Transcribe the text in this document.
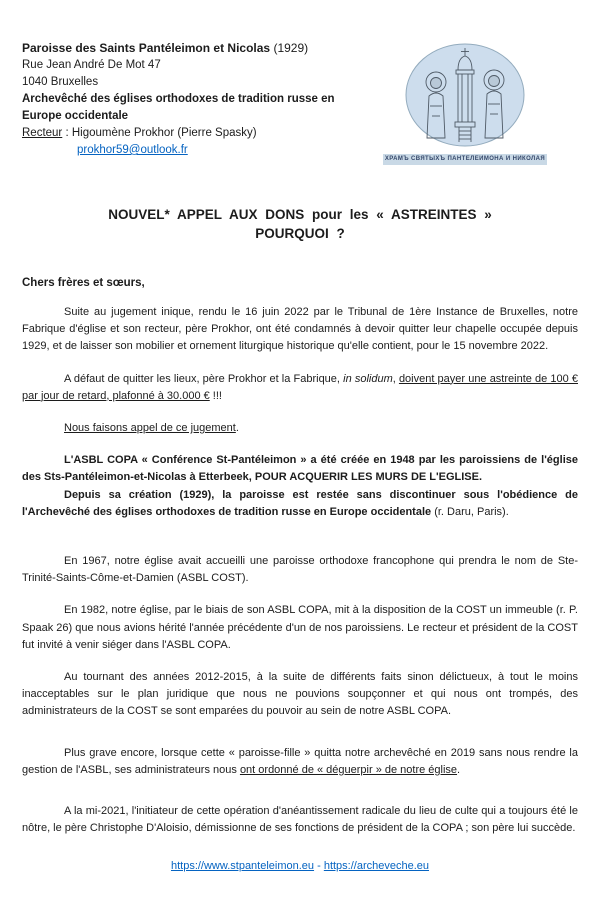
Paroisse des Saints Pantéleimon et Nicolas (1929)
Rue Jean André De Mot 47
1040 Bruxelles
Archevêché des églises orthodoxes de tradition russe en Europe occidentale
Recteur : Higoumène Prokhor (Pierre Spasky)
prokhor59@outlook.fr
ХРАМЪ СВЯТЫХЪ ПАНТЕЛЕИМОНА И НИКОЛАЯ
NOUVEL* APPEL AUX DONS pour les « ASTREINTES »
POURQUOI ?
Chers frères et sœurs,

Suite au jugement inique, rendu le 16 juin 2022 par le Tribunal de 1ère Instance de Bruxelles, notre Fabrique d'église et son recteur, père Prokhor, ont été condamnés à devoir quitter leur chapelle occupée depuis 1929, et de laisser son mobilier et ornement liturgique historique qu'elle contient, pour le 15 novembre 2022.

A défaut de quitter les lieux, père Prokhor et la Fabrique, in solidum, doivent payer une astreinte de 100 € par jour de retard, plafonné à 30.000 € !!!

Nous faisons appel de ce jugement.

L'ASBL COPA « Conférence St-Pantéleimon » a été créée en 1948 par les paroissiens de l'église des Sts-Pantéleimon-et-Nicolas à Etterbeek, POUR ACQUERIR LES MURS DE L'EGLISE.

Depuis sa création (1929), la paroisse est restée sans discontinuer sous l'obédience de l'Archevêché des églises orthodoxes de tradition russe en Europe occidentale (r. Daru, Paris).

En 1967, notre église avait accueilli une paroisse orthodoxe francophone qui prendra le nom de Ste-Trinité-Saints-Côme-et-Damien (ASBL COST).

En 1982, notre église, par le biais de son ASBL COPA, mit à la disposition de la COST un immeuble (r. P. Spaak 26) que nous avions hérité l'année précédente d'un de nos paroissiens. Le recteur et président de la COST fut invité à venir siéger dans l'ASBL COPA.

Au tournant des années 2012-2015, à la suite de différents faits sinon délictueux, à tout le moins inacceptables sur le plan juridique que nous ne pouvions soupçonner et qui nous ont trompés, des administrateurs de la COST se sont emparées du pouvoir au sein de notre ASBL COPA.

Plus grave encore, lorsque cette « paroisse-fille » quitta notre archevêché en 2019 sans nous rendre la gestion de l'ASBL, ses administrateurs nous ont ordonné de « déguerpir » de notre église.

A la mi-2021, l'initiateur de cette opération d'anéantissement radicale du lieu de culte qui a toujours été le nôtre, le père Christophe D'Aloisio, démissionne de ses fonctions de président de la COPA ; son père lui succède.

https://www.stpanteleimon.eu - https://archeveche.eu
